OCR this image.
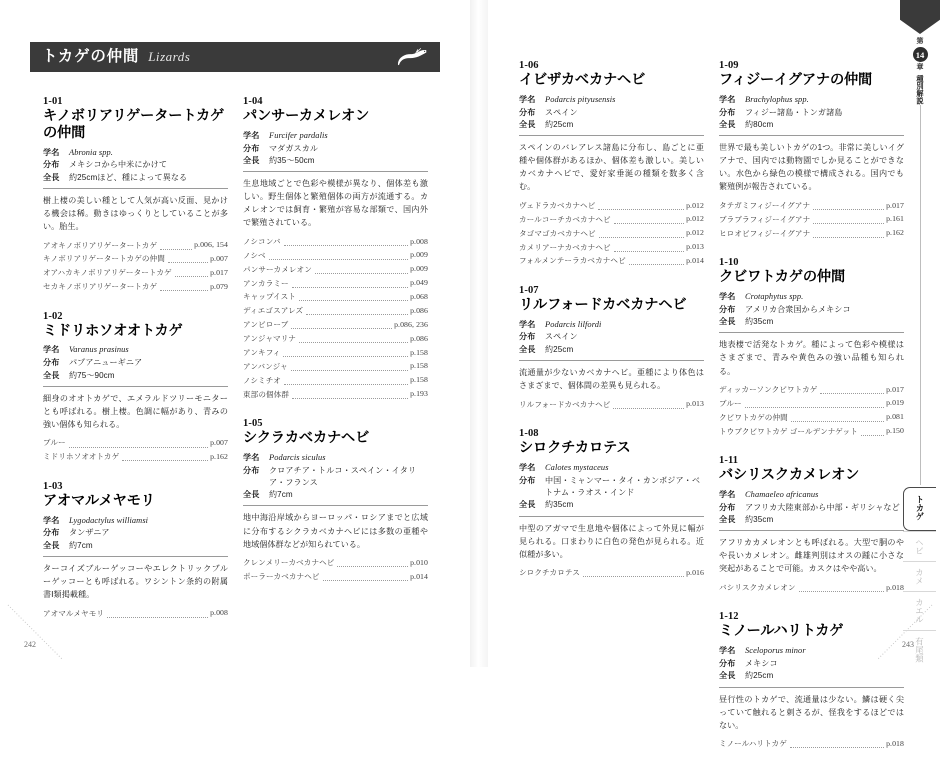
トカゲの仲間 Lizards
1-01
キノボリアリゲータートカゲの仲間
学名	Abronia spp.
分布	メキシコから中米にかけて
全長	約25cmほど、種によって異なる
樹上棲の美しい種として人気が高い反面、見かける機会は稀。動きはゆっくりとしていることが多い。胎生。
アオキノボリアリゲータートカゲ	p.006, 154
キノボリアリゲータートカゲの仲間	p.007
オアハカキノボリアリゲータートカゲ	p.017
セカキノボリアリゲータートカゲ	p.079
1-02
ミドリホソオオトカゲ
学名	Varanus prasinus
分布	パプアニューギニア
全長	約75〜90cm
細身のオオトカゲで、エメラルドツリーモニターとも呼ばれる。樹上棲。色調に幅があり、青みの強い個体も知られる。
ブルー	p.007
ミドリホソオオトカゲ	p.162
1-03
アオマルメヤモリ
学名	Lygodactylus williamsi
分布	タンザニア
全長	約7cm
ターコイズブルーゲッコーやエレクトリックブルーゲッコーとも呼ばれる。ワシントン条約の附属書Ⅰ類掲載種。
アオマルメヤモリ	p.008
1-04
パンサーカメレオン
学名	Furcifer pardalis
分布	マダガスカル
全長	約35〜50cm
生息地域ごとで色彩や模様が異なり、個体差も激しい。野生個体と繁殖個体の両方が流通する。カメレオンでは飼育・繁殖が容易な部類で、国内外で繁殖されている。
ノシコンバ	p.008
ノシベ	p.009
パンサーカメレオン	p.009
アンカラミー	p.049
キャップイスト	p.068
ディエゴスアレズ	p.086
アンビローブ	p.086, 236
アンジャマリナ	p.086
アンキフィ	p.158
アンバンジャ	p.158
ノシミチオ	p.158
東部の個体群	p.193
1-05
シクラカベカナヘビ
学名	Podarcis siculus
分布	クロアチア・トルコ・スペイン・イタリア・フランス
全長	約7cm
地中海沿岸域からヨーロッパ・ロシアまでと広域に分布するシクラカベカナヘビには多数の亜種や地域個体群などが知られている。
クレンメリーカベカナヘビ	p.010
ポーラーカベカナヘビ	p.014
1-06
イビザカベカナヘビ
学名	Podarcis pityusensis
分布	スペイン
全長	約25cm
スペインのバレアレス諸島に分布し、島ごとに亜種や個体群があるほか、個体差も激しい。美しいカベカナヘビで、愛好家垂涎の種類を数多く含む。
ヴェドラカベカナヘビ	p.012
カールコーチカベカナヘビ	p.012
タゴマゴカベカナヘビ	p.012
カメリアーナカベカナヘビ	p.013
フォルメンテーラカベカナヘビ	p.014
1-07
リルフォードカベカナヘビ
学名	Podarcis lilfordi
分布	スペイン
全長	約25cm
流通量が少ないカベカナヘビ。亜種により体色はさまざまで、個体間の差異も見られる。
リルフォードカベカナヘビ	p.013
1-08
シロクチカロテス
学名	Calotes mystaceus
分布	中国・ミャンマー・タイ・カンボジア・ベトナム・ラオス・インド
全長	約35cm
中型のアガマで生息地や個体によって外見に幅が見られる。口まわりに白色の発色が見られる。近似種が多い。
シロクチカロテス	p.016
1-09
フィジーイグアナの仲間
学名	Brachylophus spp.
分布	フィジー諸島・トンガ諸島
全長	約80cm
世界で最も美しいトカゲの1つ。非常に美しいイグアナで、国内では動物園でしか見ることができない。水色から緑色の模様で構成される。国内でも繁殖例が報告されている。
タテガミフィジーイグアナ	p.017
ブラブラフィジーイグアナ	p.161
ヒロオビフィジーイグアナ	p.162
1-10
クビワトカゲの仲間
学名	Crotaphytus spp.
分布	アメリカ合衆国からメキシコ
全長	約35cm
地表棲で活発なトカゲ。種によって色彩や模様はさまざまで、青みや黄色みの強い品種も知られる。
ディッカーソンクビワトカゲ	p.017
ブルー	p.019
クビワトカゲの仲間	p.081
トウブクビワトカゲ ゴールデンナゲット	p.150
1-11
バシリスクカメレオン
学名	Chamaeleo africanus
分布	アフリカ大陸東部から中部・ギリシャなど
全長	約35cm
アフリカカメレオンとも呼ばれる。大型で胴のやや長いカメレオン。雌雄判別はオスの踵に小さな突起があることで可能。カスクはやや高い。
バシリスクカメレオン	p.018
1-12
ミノールハリトカゲ
学名	Sceloporus minor
分布	メキシコ
全長	約25cm
昼行性のトカゲで、流通量は少ない。鱗は硬く尖っていて触れると刺さるが、怪我をするほどではない。
ミノールハリトカゲ	p.018
242	243
第
14
章
種別解説
トカゲ
ヘビ
カメ
カエル
有尾類
